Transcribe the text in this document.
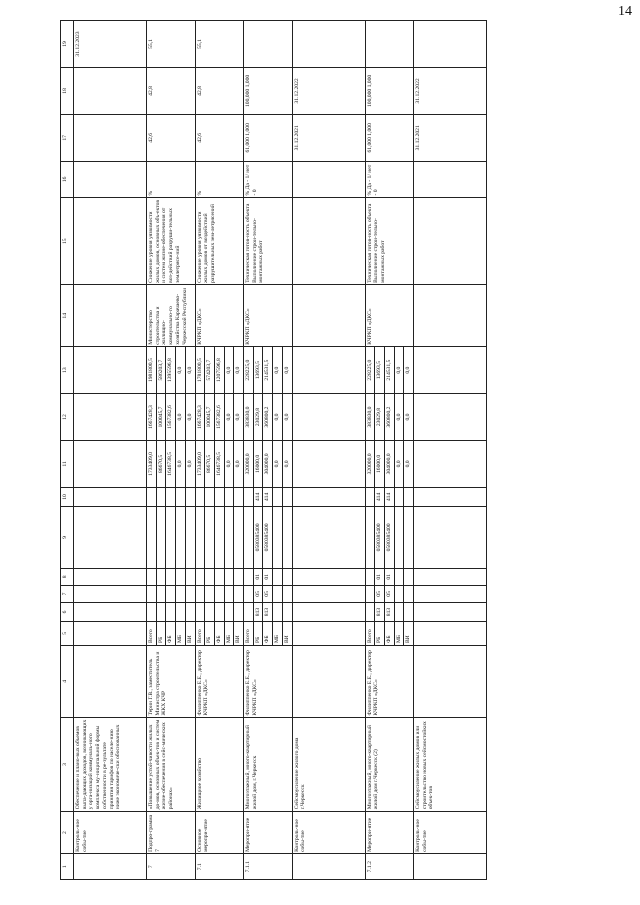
14
1	2	3	4	5	6	7	8	9	10	11	12	13	14	15	16	17	18	19
	Контроль-ное собы-тие	Обеспечение и плано-вых объемов выпа-дающих доходов, возникающих у орга-низаций коммуналь-ного комплекса му-ниципальной формы собственности в ре-зультате принятия тарифов по населе-нию ниже экономиче-ски обоснованных																31.12.2023
7	Подпро-грамма 7	«Повышение устой-чивости жилых до-мов, основных объек-тов и систем жизне-обеспечения в сейс-мических районах»	Терин Г.В., заместитель Министра строительства и ЖКХ КЧР	Всего						1733409,0	1667428,3	1981800,5	Министерство строительства и жилищно-коммунально-го хозяйства Карачаево-Черкесской Республики	Снижение уровня уязвимости жилых домов, основных объ-ектов и систем жизне-обеспечения от воз-действий разруши-тельных землетрясе-ний	%	42,6	42,8	55,1
				РБ						86670,5	100045,7	586203,7						
				ФБ						1646738,5	1567382,6	1395596,8						
				МБ						0,0	0,0	0,0						
				ВИ						0,0	0,0	0,0						
7.1	Основное меропри-ятие	Жилищное хозяйство	Филиппенко Е.Е., директор КЧРКП «ДКС»	Всего						1733409,0	1667428,3	1781800,5	КЧРКП «ДКС»	Снижение уровня уязвимости жилых домов от воздействий разрушительных зем-летрясений	%	42,6	42,8	55,1
				РБ						86670,5	100045,7	574203,7						
				ФБ						1646738,5	1567382,6	1207596,8						
				МБ						0,0	0,0	0,0						
				ВИ						0,0	0,0	0,0						
7.1.1	Меропри-ятие	Многоэтажный, много-квартирный жилой дом, г.Черкесск	Филиппенко Е.Е., директор КЧРКП «ДКС»	Всего						320000,0	383830,0	228225,0	КЧРКП «ДКС»	Техническая готов-ность объекта Выполнение строи-тельно-монтажных работ	% Да - 1/ нет - 0	61,000 1,000	100,000 1,000	
				РБ	813	05	01	0580385400	414	16000,0	23029,8	13693,5						
				ФБ	813	05	01	0580385400	414	304000,0	360800,2	214531,5						
				МБ						0,0	0,0	0,0						
				ВИ						0,0	0,0	0,0						
	Контроль-ное собы-тие	Сейсмоусиление жилого дома г.Черкесск														31.12.2021	31.12.2022	
7.1.2	Меропри-ятие	Многоэтажный, много-квартирный жилой дом г.Черкесск (2)	Филиппенко Е.Е., директор КЧРКП «ДКС»	Всего						320000,0	383830,0	228225,0	КЧРКП «ДКС»	Техническая готов-ность объекта Выполнение строи-тельно-монтажных работ	% Да - 1/ нет - 0	61,000 1,000	100,000 1,000	
				РБ	813	05	01	0580385400	414	16000,0	23029,8	13693,5						
				ФБ	813	05	01	0580385400	414	304000,0	360800,2	214531,5						
				МБ						0,0	0,0	0,0						
				ВИ						0,0	0,0	0,0						
	Контроль-ное собы-тие	Сейсмоусиление жилых домов или строительство новых сейсмостойких объек-тов														31.12.2021	31.12.2022	
